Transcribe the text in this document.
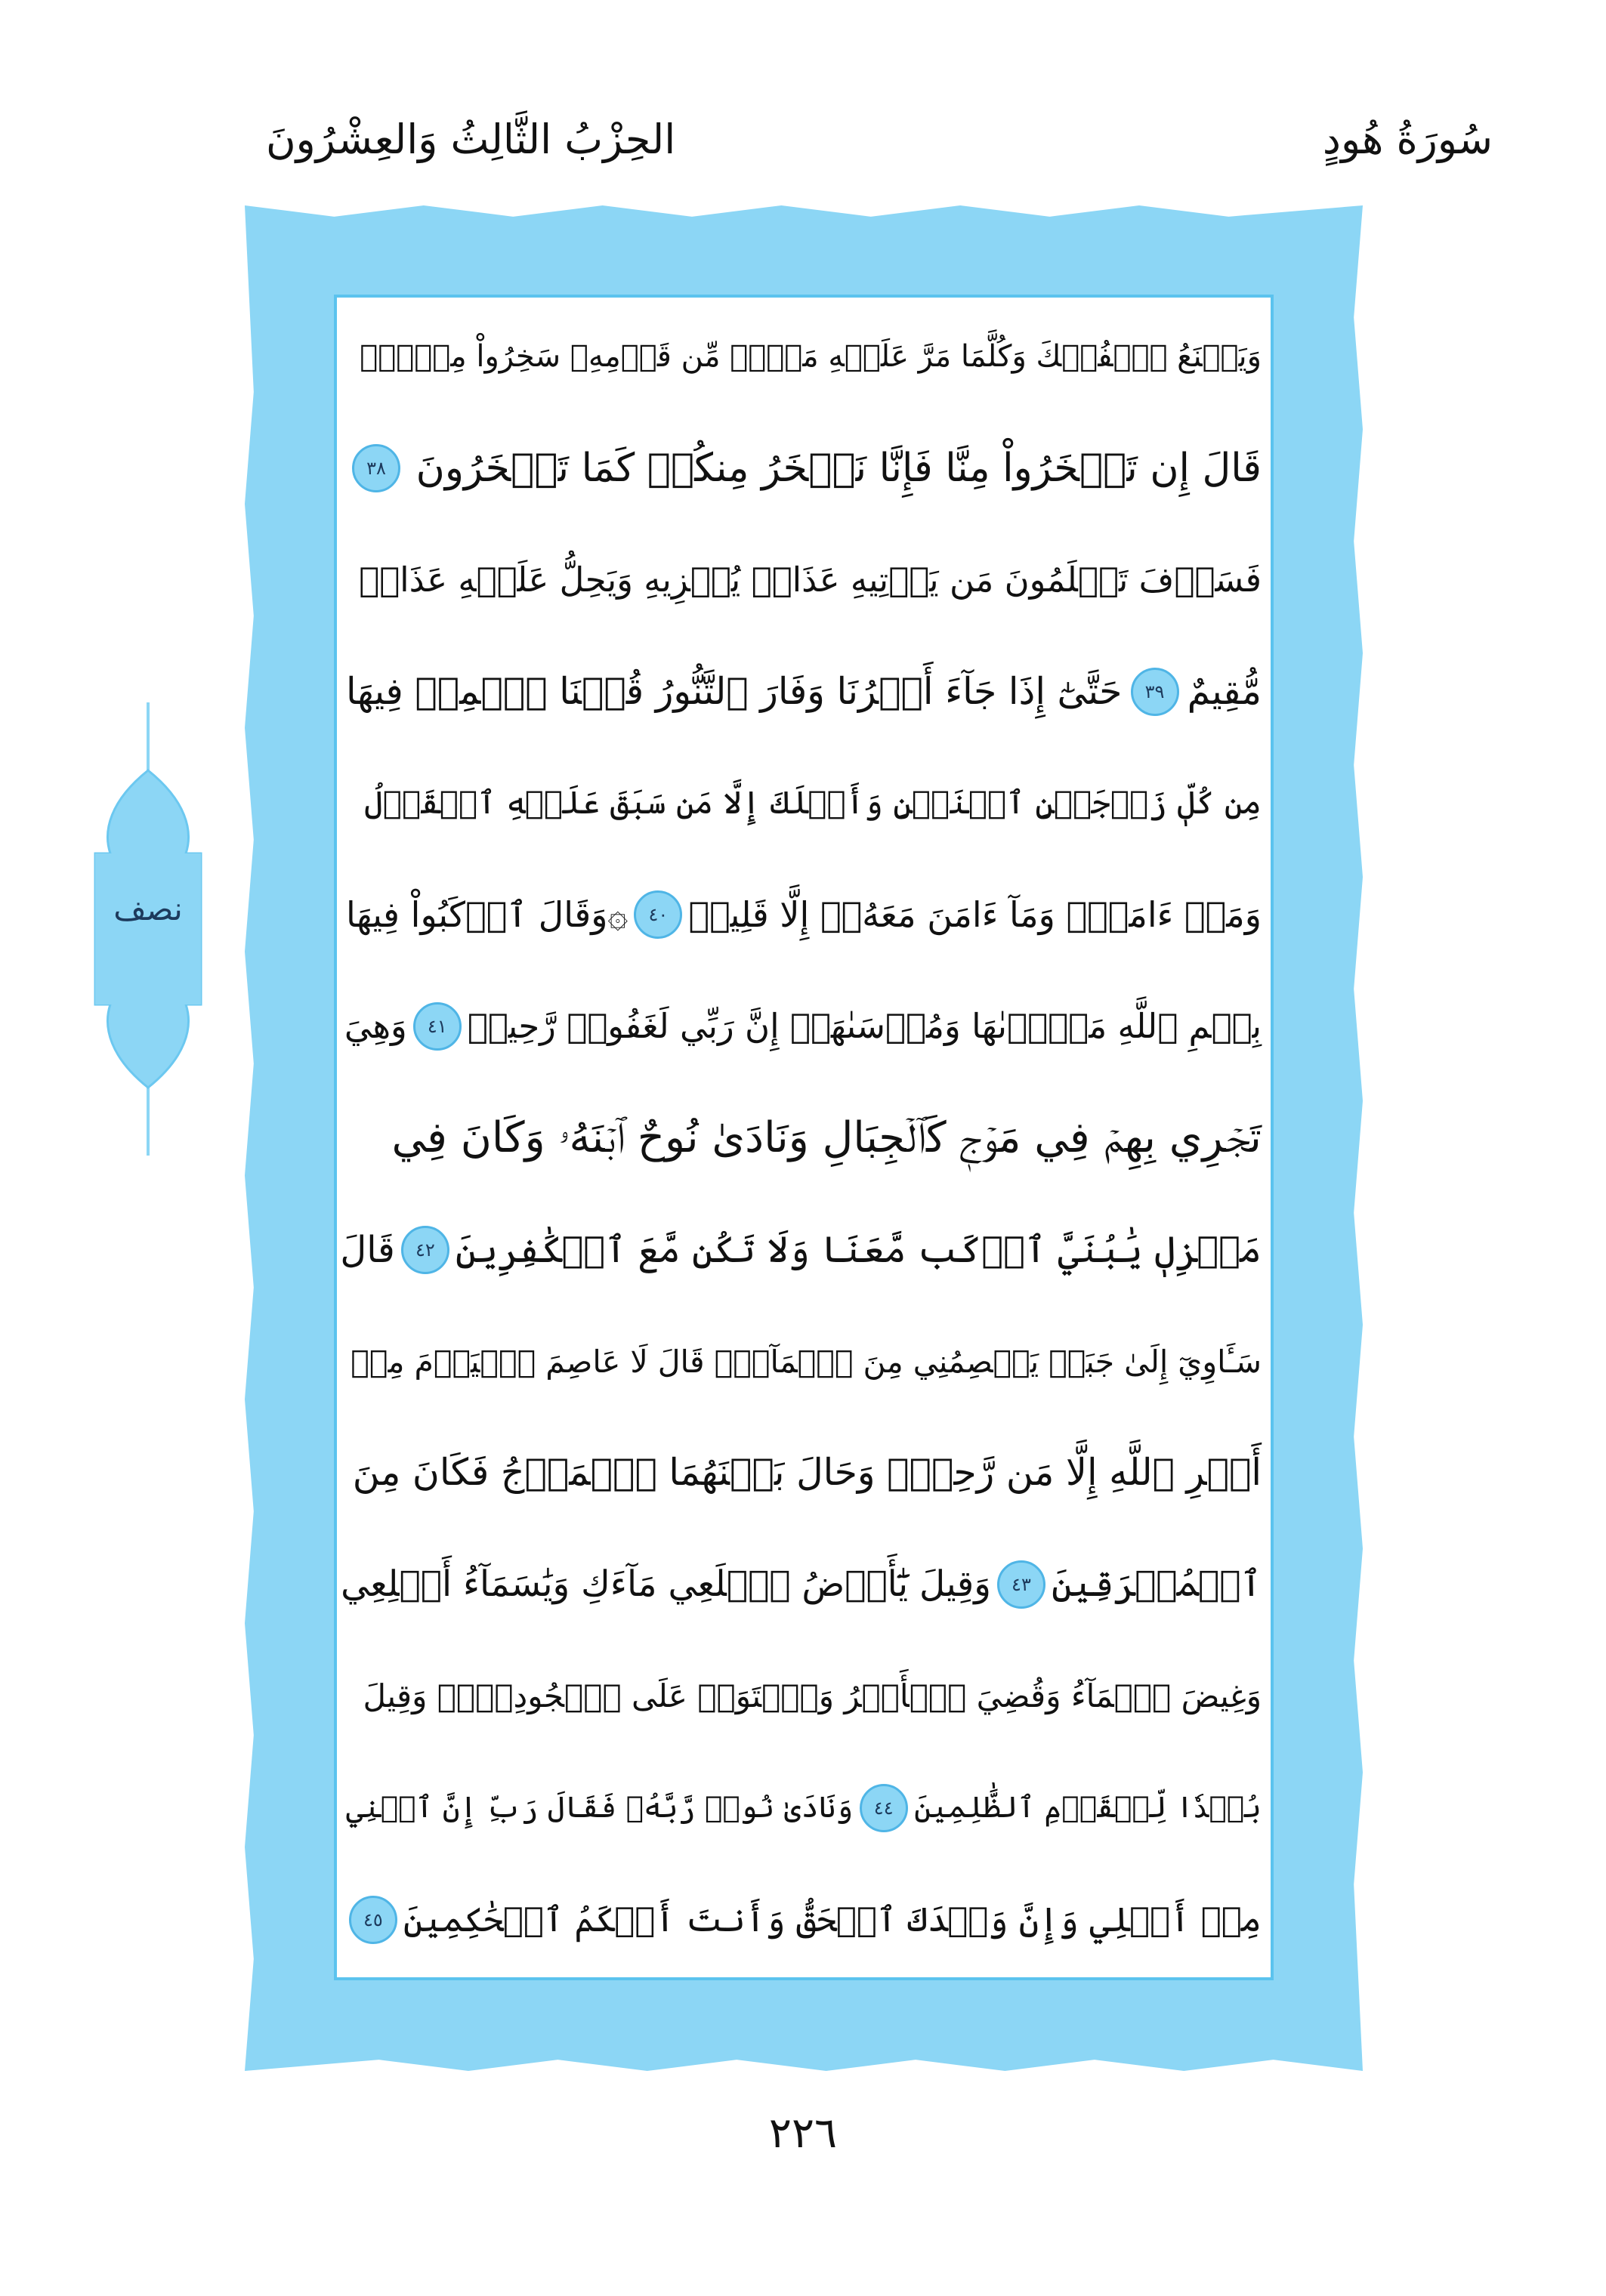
سُورَةُ هُودٍ
الحِزْبُ الثَّالِثُ وَالعِشْرُونَ
نصف
وَيَصۡنَعُ ٱلۡفُلۡكَ وَكُلَّمَا مَرَّ عَلَيۡهِ مَلَأٞ مِّن قَوۡمِهِۦ سَخِرُواْ مِنۡهُۚ
قَالَ إِن تَسۡخَرُواْ مِنَّا فَإِنَّا نَسۡخَرُ مِنكُمۡ كَمَا تَسۡخَرُونَ
٣٨
فَسَوۡفَ تَعۡلَمُونَ مَن يَأۡتِيهِ عَذَابٞ يُخۡزِيهِ وَيَحِلُّ عَلَيۡهِ عَذَابٞ
مُّقِيمٌ
٣٩
حَتَّىٰٓ إِذَا جَآءَ أَمۡرُنَا وَفَارَ ٱلتَّنُّورُ قُلۡنَا ٱحۡمِلۡ فِيهَا
مِن كُلّٖ زَوۡجَيۡنِ ٱثۡنَيۡنِ وَأَهۡلَكَ إِلَّا مَن سَبَقَ عَلَيۡهِ ٱلۡقَوۡلُ
وَمَنۡ ءَامَنَۚ وَمَآ ءَامَنَ مَعَهُۥٓ إِلَّا قَلِيلٞ
٤٠
۞وَقَالَ ٱرۡكَبُواْ فِيهَا
بِسۡمِ ٱللَّهِ مَجۡر۪ىٰهَا وَمُرۡسَىٰهَآۚ إِنَّ رَبِّي لَغَفُورٞ رَّحِيمٞ
٤١
وَهِيَ
تَجۡرِي بِهِمۡ فِي مَوۡجٖ كَٱلۡجِبَالِ وَنَادَىٰ نُوحٌ ٱبۡنَهُۥ وَكَانَ فِي
مَعۡزِلٖ يَٰبُنَيَّ ٱرۡكَب مَّعَنَا وَلَا تَكُن مَّعَ ٱلۡكَٰفِرِينَ
٤٢
قَالَ
سَـَٔاوِيٓ إِلَىٰ جَبَلٖ يَعۡصِمُنِي مِنَ ٱلۡمَآءِۚ قَالَ لَا عَاصِمَ ٱلۡيَوۡمَ مِنۡ
أَمۡرِ ٱللَّهِ إِلَّا مَن رَّحِمَۚ وَحَالَ بَيۡنَهُمَا ٱلۡمَوۡجُ فَكَانَ مِنَ
ٱلۡمُغۡرَقِينَ
٤٣
وَقِيلَ يَٰٓأَرۡضُ ٱبۡلَعِي مَآءَكِ وَيَٰسَمَآءُ أَقۡلِعِي
وَغِيضَ ٱلۡمَآءُ وَقُضِيَ ٱلۡأَمۡرُ وَٱسۡتَوَتۡ عَلَى ٱلۡجُودِيِّۖ وَقِيلَ
بُعۡدٗا لِّلۡقَوۡمِ ٱلظَّٰلِمِينَ
٤٤
وَنَادَىٰ نُوحٞ رَّبَّهُۥ فَقَالَ رَبِّ إِنَّ ٱبۡنِي
مِنۡ أَهۡلِي وَإِنَّ وَعۡدَكَ ٱلۡحَقُّ وَأَنتَ أَحۡكَمُ ٱلۡحَٰكِمِينَ
٤٥
٢٢٦
